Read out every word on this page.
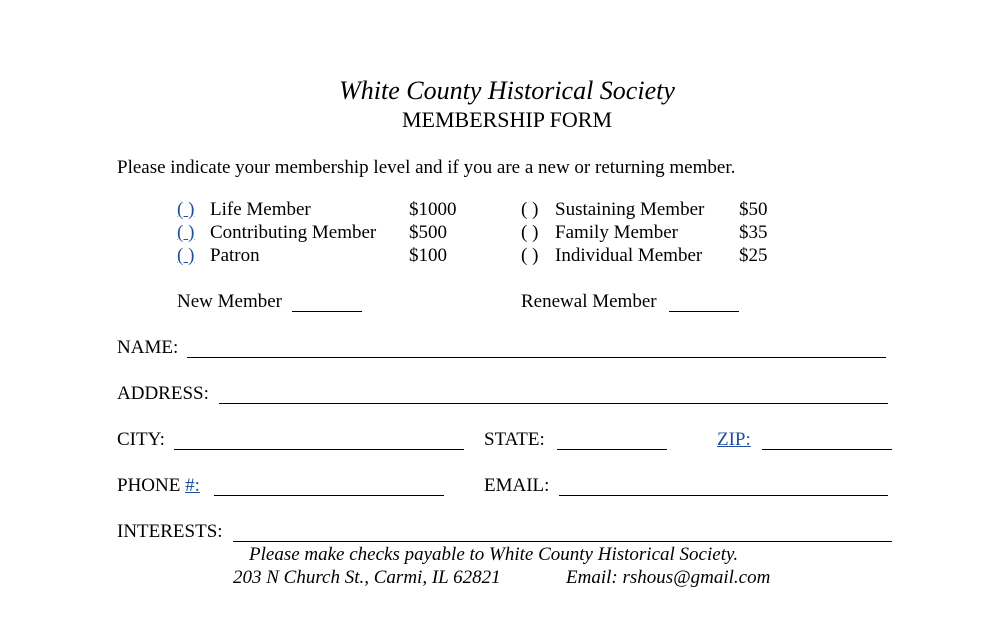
White County Historical Society
MEMBERSHIP FORM
Please indicate your membership level and if you are a new or returning member.
( ) Life Member	$1000
( ) Contributing Member $500
( ) Patron	$100
( ) Sustaining Member $50
( ) Family Member	$35
( ) Individual Member $25
New Member	Renewal Member
NAME:
ADDRESS:
CITY:	STATE:	ZIP:
PHONE #:	EMAIL:
INTERESTS:
Please make checks payable to White County Historical Society.
203 N Church St., Carmi, IL 62821	Email: rshous@gmail.com
